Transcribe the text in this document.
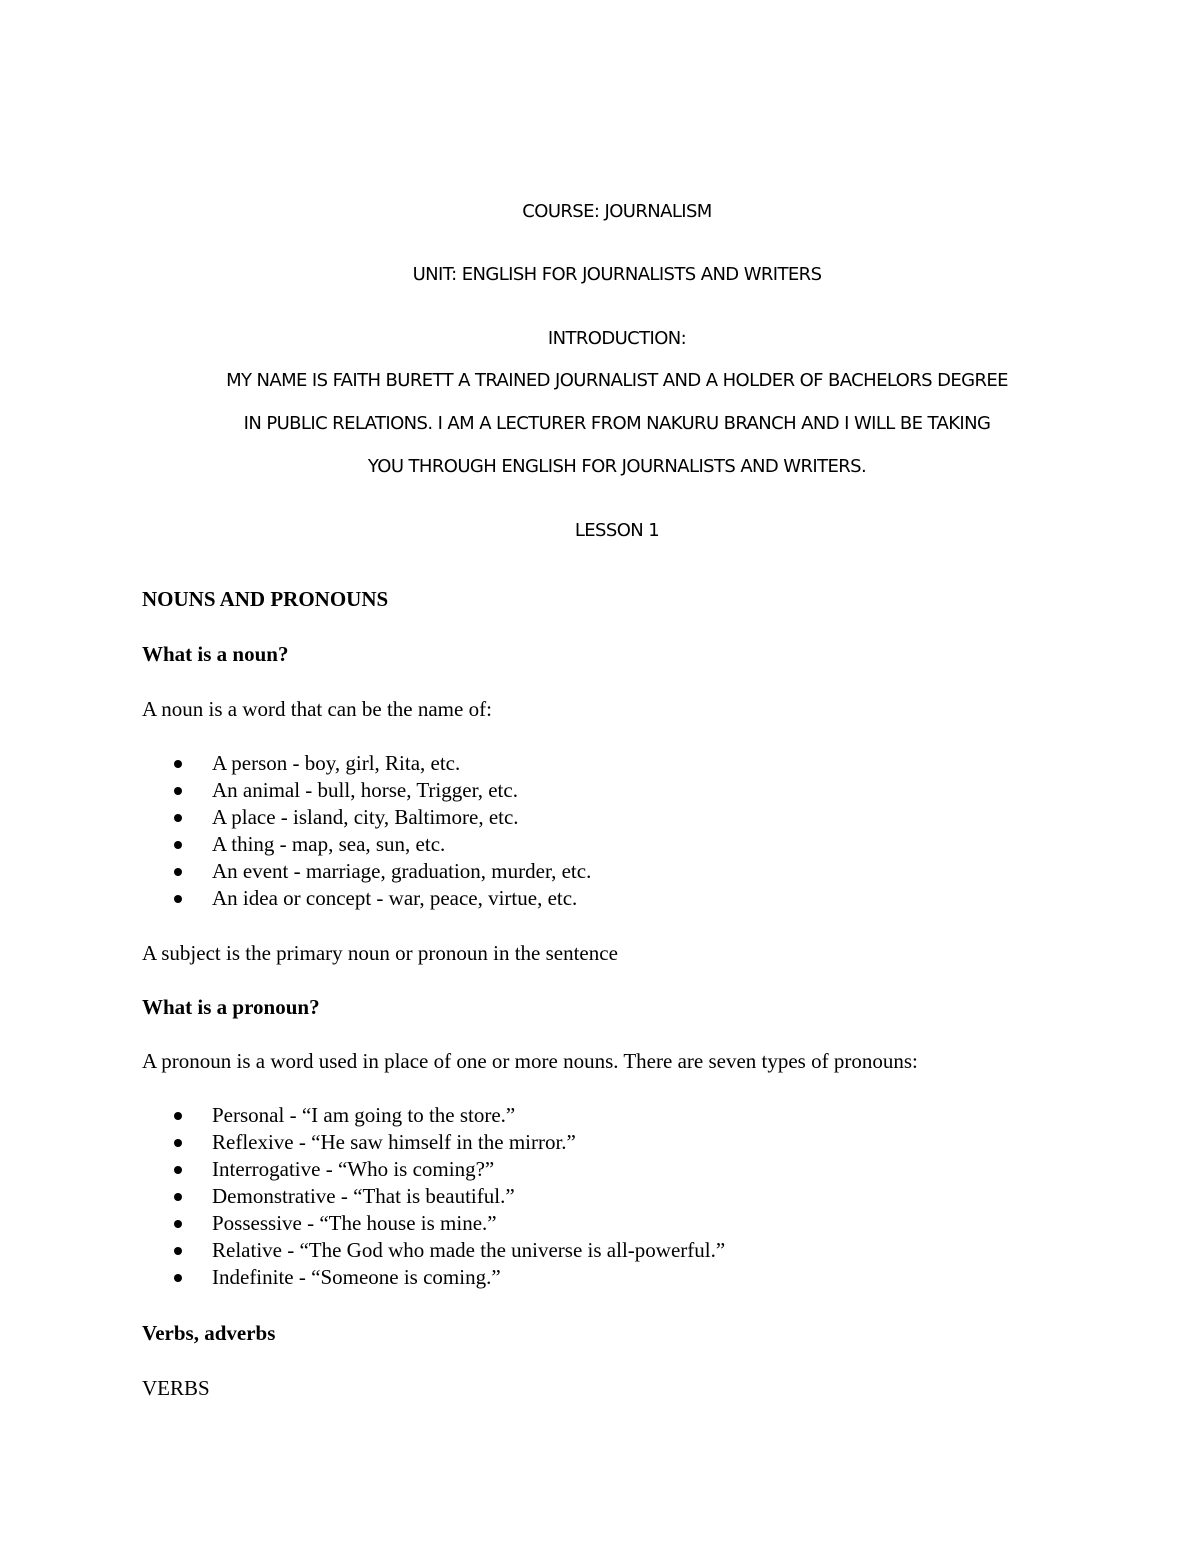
COURSE: JOURNALISM
UNIT: ENGLISH FOR JOURNALISTS AND WRITERS
INTRODUCTION:
MY NAME IS FAITH BURETT A TRAINED JOURNALIST AND A HOLDER OF BACHELORS DEGREE
IN PUBLIC RELATIONS. I AM A LECTURER FROM NAKURU BRANCH AND I WILL BE TAKING
YOU THROUGH ENGLISH FOR JOURNALISTS AND WRITERS.
LESSON 1
NOUNS AND PRONOUNS
What is a noun?
A noun is a word that can be the name of:
A person - boy, girl, Rita, etc.
An animal - bull, horse, Trigger, etc.
A place - island, city, Baltimore, etc.
A thing - map, sea, sun, etc.
An event - marriage, graduation, murder, etc.
An idea or concept - war, peace, virtue, etc.
A subject is the primary noun or pronoun in the sentence
What is a pronoun?
A pronoun is a word used in place of one or more nouns. There are seven types of pronouns:
Personal - “I am going to the store.”
Reflexive - “He saw himself in the mirror.”
Interrogative - “Who is coming?”
Demonstrative - “That is beautiful.”
Possessive - “The house is mine.”
Relative - “The God who made the universe is all-powerful.”
Indefinite - “Someone is coming.”
Verbs, adverbs
VERBS
